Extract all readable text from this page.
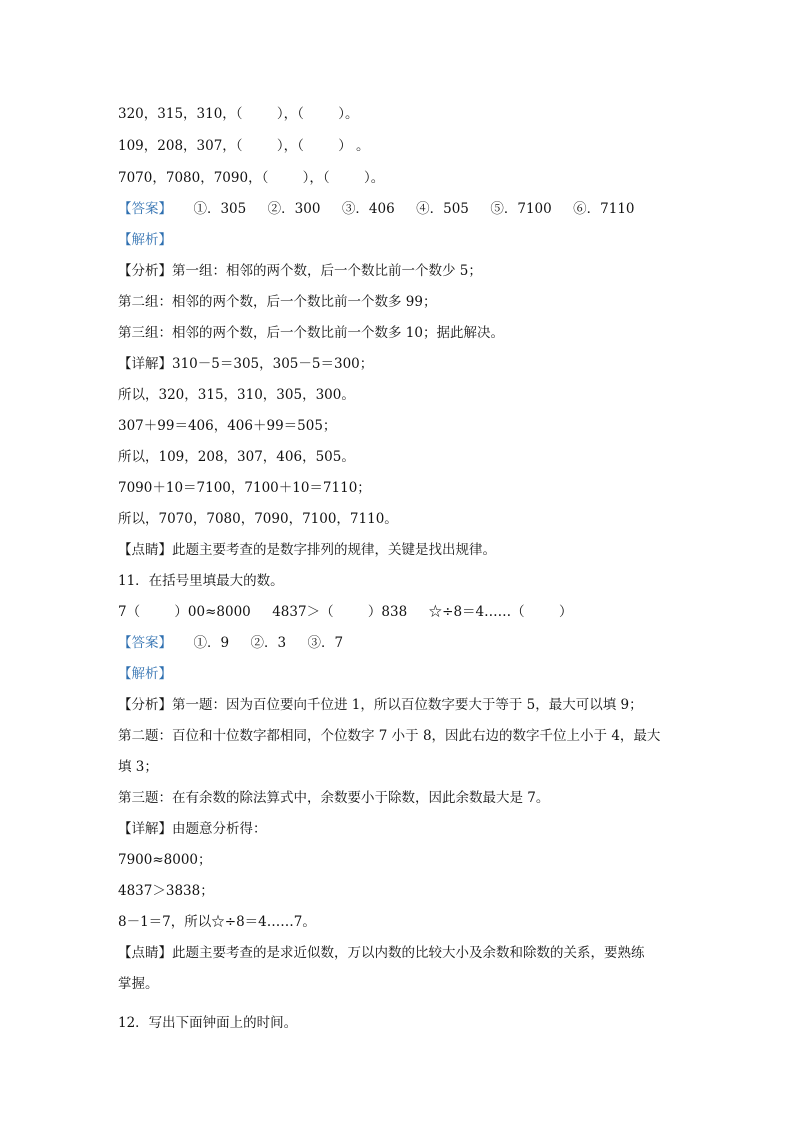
320，315，310，（        ），（        ）。
109，208，307，（        ），（        ） 。
7070，7080，7090，（        ），（        ）。
【答案】     ①．305     ②．300     ③．406     ④．505     ⑤．7100     ⑥．7110
【解析】
【分析】第一组：相邻的两个数，后一个数比前一个数少 5；
第二组：相邻的两个数，后一个数比前一个数多 99；
第三组：相邻的两个数，后一个数比前一个数多 10；据此解决。
【详解】310－5＝305，305－5＝300；
所以，320，315，310，305，300。
307＋99＝406，406＋99＝505；
所以，109，208，307，406，505。
7090＋10＝7100，7100＋10＝7110；
所以，7070，7080，7090，7100，7110。
【点睛】此题主要考查的是数字排列的规律，关键是找出规律。
11．在括号里填最大的数。
7（        ）00≈8000     4837＞（        ）838     ☆÷8＝4……（        ）
【答案】     ①．9     ②．3     ③．7
【解析】
【分析】第一题：因为百位要向千位进 1，所以百位数字要大于等于 5，最大可以填 9；
第二题：百位和十位数字都相同，个位数字 7 小于 8，因此右边的数字千位上小于 4，最大
填 3；
第三题：在有余数的除法算式中，余数要小于除数，因此余数最大是 7。
【详解】由题意分析得：
7900≈8000；
4837＞3838；
8－1＝7，所以☆÷8＝4……7。
【点睛】此题主要考查的是求近似数，万以内数的比较大小及余数和除数的关系，要熟练
掌握。
12．写出下面钟面上的时间。
